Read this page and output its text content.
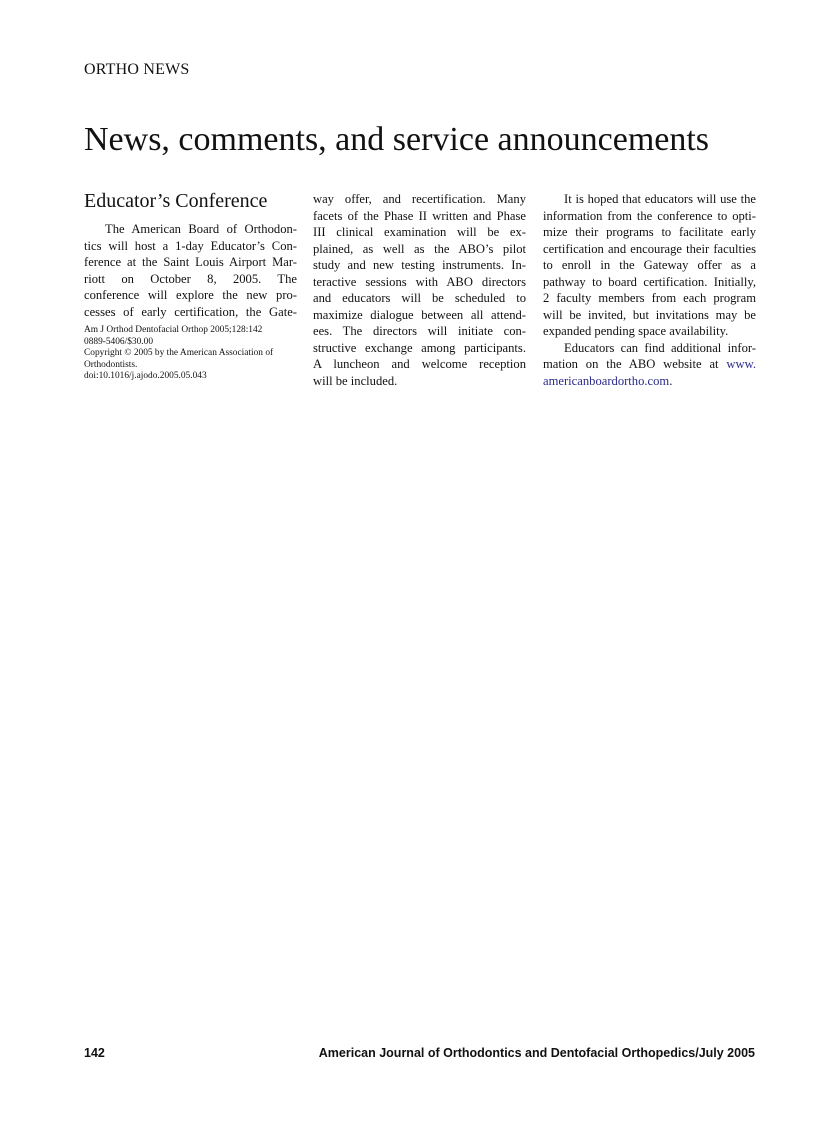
ORTHO NEWS
News, comments, and service announcements
Educator’s Conference
The American Board of Orthodon-
tics will host a 1-day Educator’s Con-
ference at the Saint Louis Airport Mar-
riott on October 8, 2005. The
conference will explore the new pro-
cesses of early certification, the Gate-
Am J Orthod Dentofacial Orthop 2005;128:142
0889-5406/$30.00
Copyright © 2005 by the American Association of
Orthodontists.
doi:10.1016/j.ajodo.2005.05.043
way offer, and recertification. Many
facets of the Phase II written and Phase
III clinical examination will be ex-
plained, as well as the ABO’s pilot
study and new testing instruments. In-
teractive sessions with ABO directors
and educators will be scheduled to
maximize dialogue between all attend-
ees. The directors will initiate con-
structive exchange among participants.
A luncheon and welcome reception
will be included.
It is hoped that educators will use the
information from the conference to opti-
mize their programs to facilitate early
certification and encourage their faculties
to enroll in the Gateway offer as a
pathway to board certification. Initially,
2 faculty members from each program
will be invited, but invitations may be
expanded pending space availability.
Educators can find additional infor-
mation on the ABO website at www.
americanboardortho.com.
142	American Journal of Orthodontics and Dentofacial Orthopedics/July 2005
